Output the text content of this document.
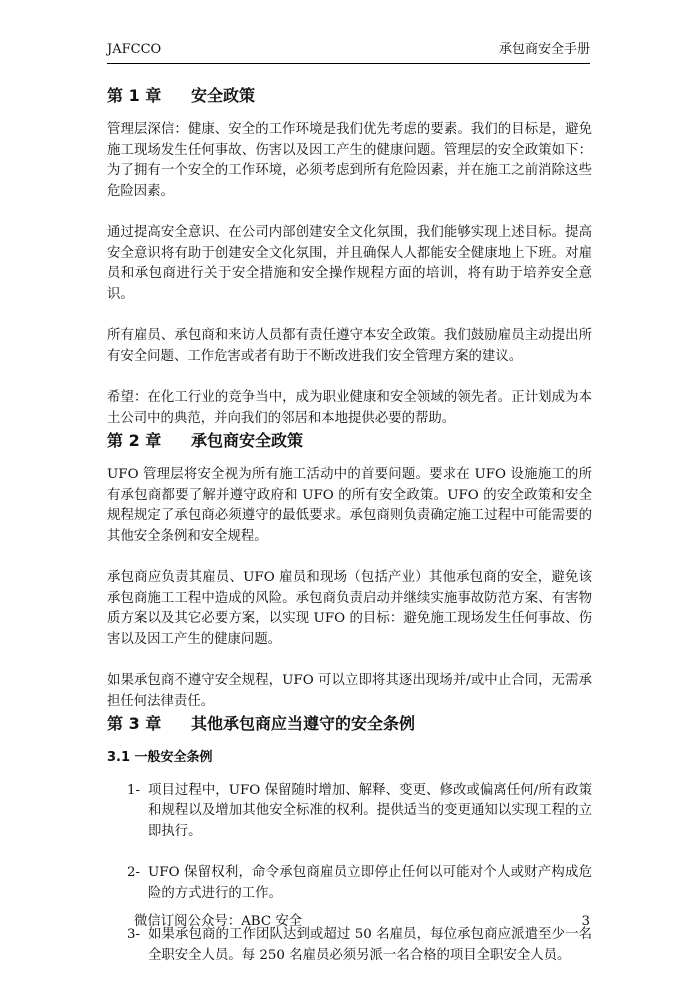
JAFCCO	承包商安全手册
第 1 章 安全政策

管理层深信：健康、安全的工作环境是我们优先考虑的要素。我们的目标是，避免施工现场发生任何事故、伤害以及因工产生的健康问题。管理层的安全政策如下：为了拥有一个安全的工作环境，必须考虑到所有危险因素，并在施工之前消除这些危险因素。

通过提高安全意识、在公司内部创建安全文化氛围，我们能够实现上述目标。提高安全意识将有助于创建安全文化氛围，并且确保人人都能安全健康地上下班。对雇员和承包商进行关于安全措施和安全操作规程方面的培训，将有助于培养安全意识。

所有雇员、承包商和来访人员都有责任遵守本安全政策。我们鼓励雇员主动提出所有安全问题、工作危害或者有助于不断改进我们安全管理方案的建议。

希望：在化工行业的竞争当中，成为职业健康和安全领域的领先者。正计划成为本土公司中的典范，并向我们的邻居和本地提供必要的帮助。

第 2 章 承包商安全政策

UFO 管理层将安全视为所有施工活动中的首要问题。要求在 UFO 设施施工的所有承包商都要了解并遵守政府和 UFO 的所有安全政策。UFO 的安全政策和安全规程规定了承包商必须遵守的最低要求。承包商则负责确定施工过程中可能需要的其他安全条例和安全规程。

承包商应负责其雇员、UFO 雇员和现场（包括产业）其他承包商的安全，避免该承包商施工工程中造成的风险。承包商负责启动并继续实施事故防范方案、有害物质方案以及其它必要方案，以实现 UFO 的目标：避免施工现场发生任何事故、伤害以及因工产生的健康问题。

如果承包商不遵守安全规程，UFO 可以立即将其逐出现场并/或中止合同，无需承担任何法律责任。

第 3 章 其他承包商应当遵守的安全条例
3.1 一般安全条例
1- 项目过程中，UFO 保留随时增加、解释、变更、修改或偏离任何/所有政策和规程以及增加其他安全标准的权利。提供适当的变更通知以实现工程的立即执行。
2- UFO 保留权利，命令承包商雇员立即停止任何以可能对个人或财产构成危险的方式进行的工作。
3- 如果承包商的工作团队达到或超过 50 名雇员，每位承包商应派遣至少一名全职安全人员。每 250 名雇员必须另派一名合格的项目全职安全人员。
微信订阅公众号：ABC 安全	3
